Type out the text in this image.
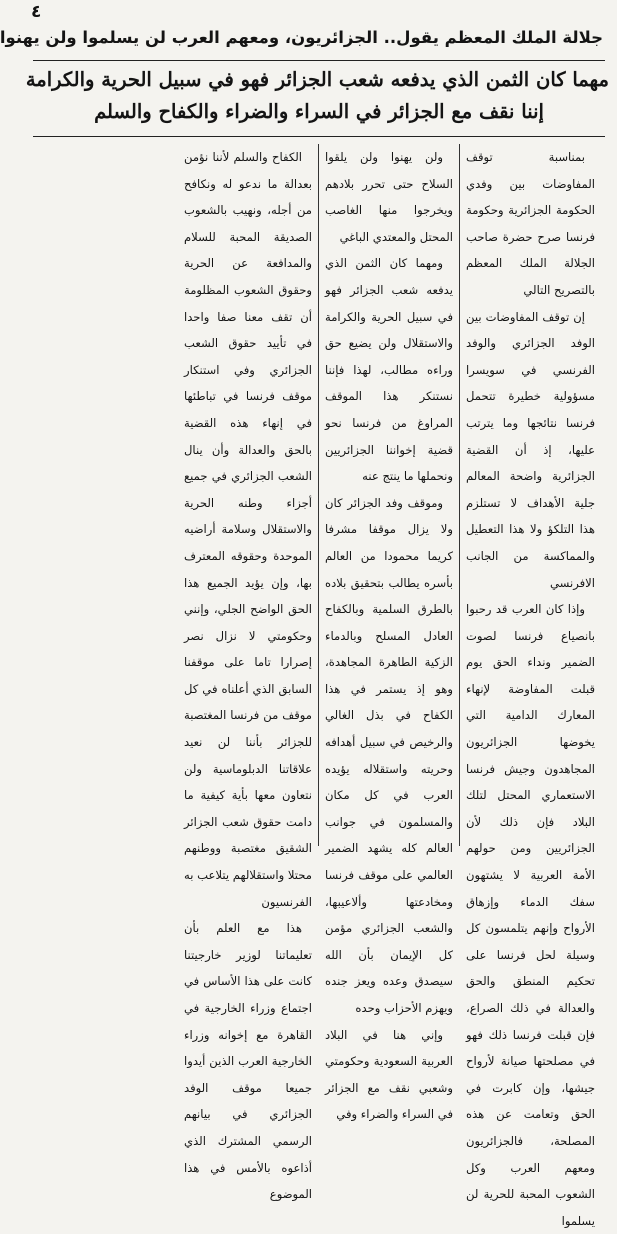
٤
جلالة الملك المعظم يقول.. الجزائريون، ومعهم العرب لن يسلموا ولن يهنوا
مهما كان الثمن الذي يدفعه شعب الجزائر فهو في سبيل الحرية والكرامة
إننا نقف مع الجزائر في السراء والضراء والكفاح والسلم

بمناسبة توقف المفاوضات بين وفدي الحكومة الجزائرية وحكومة فرنسا صرح حضرة صاحب الجلالة الملك المعظم بالتصريح التالي

إن توقف المفاوضات بين الوفد الجزائري والوفد الفرنسي في سويسرا مسؤولية خطيرة تتحمل فرنسا نتائجها وما يترتب عليها، إذ أن القضية الجزائرية واضحة المعالم جلية الأهداف لا تستلزم هذا التلكؤ ولا هذا التعطيل والمماكسة من الجانب الافرنسي

وإذا كان العرب قد رحبوا بانصياع فرنسا لصوت الضمير ونداء الحق يوم قبلت المفاوضة لإنهاء المعارك الدامية التي يخوضها الجزائريون المجاهدون وجيش فرنسا الاستعماري المحتل لتلك البلاد فإن ذلك لأن الجزائريين ومن حولهم الأمة العربية لا يشتهون سفك الدماء وإزهاق الأرواح وإنهم يتلمسون كل وسيلة لحل فرنسا على تحكيم المنطق والحق والعدالة في ذلك الصراع، فإن قبلت فرنسا ذلك فهو في مصلحتها صيانة لأرواح جيشها، وإن كابرت في الحق وتعامت عن هذه المصلحة، فالجزائريون ومعهم العرب وكل الشعوب المحبة للحرية لن يسلموا

ولن يهنوا ولن يلقوا السلاح حتى تحرر بلادهم ويخرجوا منها الغاصب المحتل والمعتدي الباغي

ومهما كان الثمن الذي يدفعه شعب الجزائر فهو في سبيل الحرية والكرامة والاستقلال ولن يضيع حق وراءه مطالب، لهذا فإننا نستنكر هذا الموقف المراوغ من فرنسا نحو قضية إخواننا الجزائريين ونحملها ما ينتج عنه

وموقف وفد الجزائر كان ولا يزال موقفا مشرفا كريما محمودا من العالم بأسره يطالب بتحقيق بلاده بالطرق السلمية وبالكفاح العادل المسلح وبالدماء الزكية الطاهرة المجاهدة، وهو إذ يستمر في هذا الكفاح في بذل الغالي والرخيص في سبيل أهدافه وحريته واستقلاله يؤيده العرب في كل مكان والمسلمون في جوانب العالم كله يشهد الضمير العالمي على موقف فرنسا ومخادعتها وألاعيبها، والشعب الجزائري مؤمن كل الإيمان بأن الله سيصدق وعده ويعز جنده ويهزم الأحزاب وحده

وإني هنا في البلاد العربية السعودية وحكومتي وشعبي نقف مع الجزائر في السراء والضراء وفي

الكفاح والسلم لأننا نؤمن بعدالة ما ندعو له ونكافح من أجله، ونهيب بالشعوب الصديقة المحبة للسلام والمدافعة عن الحرية وحقوق الشعوب المظلومة أن تقف معنا صفا واحدا في تأييد حقوق الشعب الجزائري وفي استنكار موقف فرنسا في تباطئها في إنهاء هذه القضية بالحق والعدالة وأن ينال الشعب الجزائري في جميع أجزاء وطنه الحرية والاستقلال وسلامة أراضيه الموحدة وحقوقه المعترف بها، وإن يؤيد الجميع هذا الحق الواضح الجلي، وإنني وحكومتي لا نزال نصر إصرارا تاما على موقفنا السابق الذي أعلناه في كل موقف من فرنسا المغتصبة للجزائر بأننا لن نعيد علاقاتنا الدبلوماسية ولن نتعاون معها بأية كيفية ما دامت حقوق شعب الجزائر الشقيق مغتصبة ووطنهم محتلا واستقلالهم يتلاعب به الفرنسيون

هذا مع العلم بأن تعليماتنا لوزير خارجيتنا كانت على هذا الأساس في اجتماع وزراء الخارجية في القاهرة مع إخوانه وزراء الخارجية العرب الذين أيدوا جميعا موقف الوفد الجزائري في بيانهم الرسمي المشترك الذي أذاعوه بالأمس في هذا الموضوع
